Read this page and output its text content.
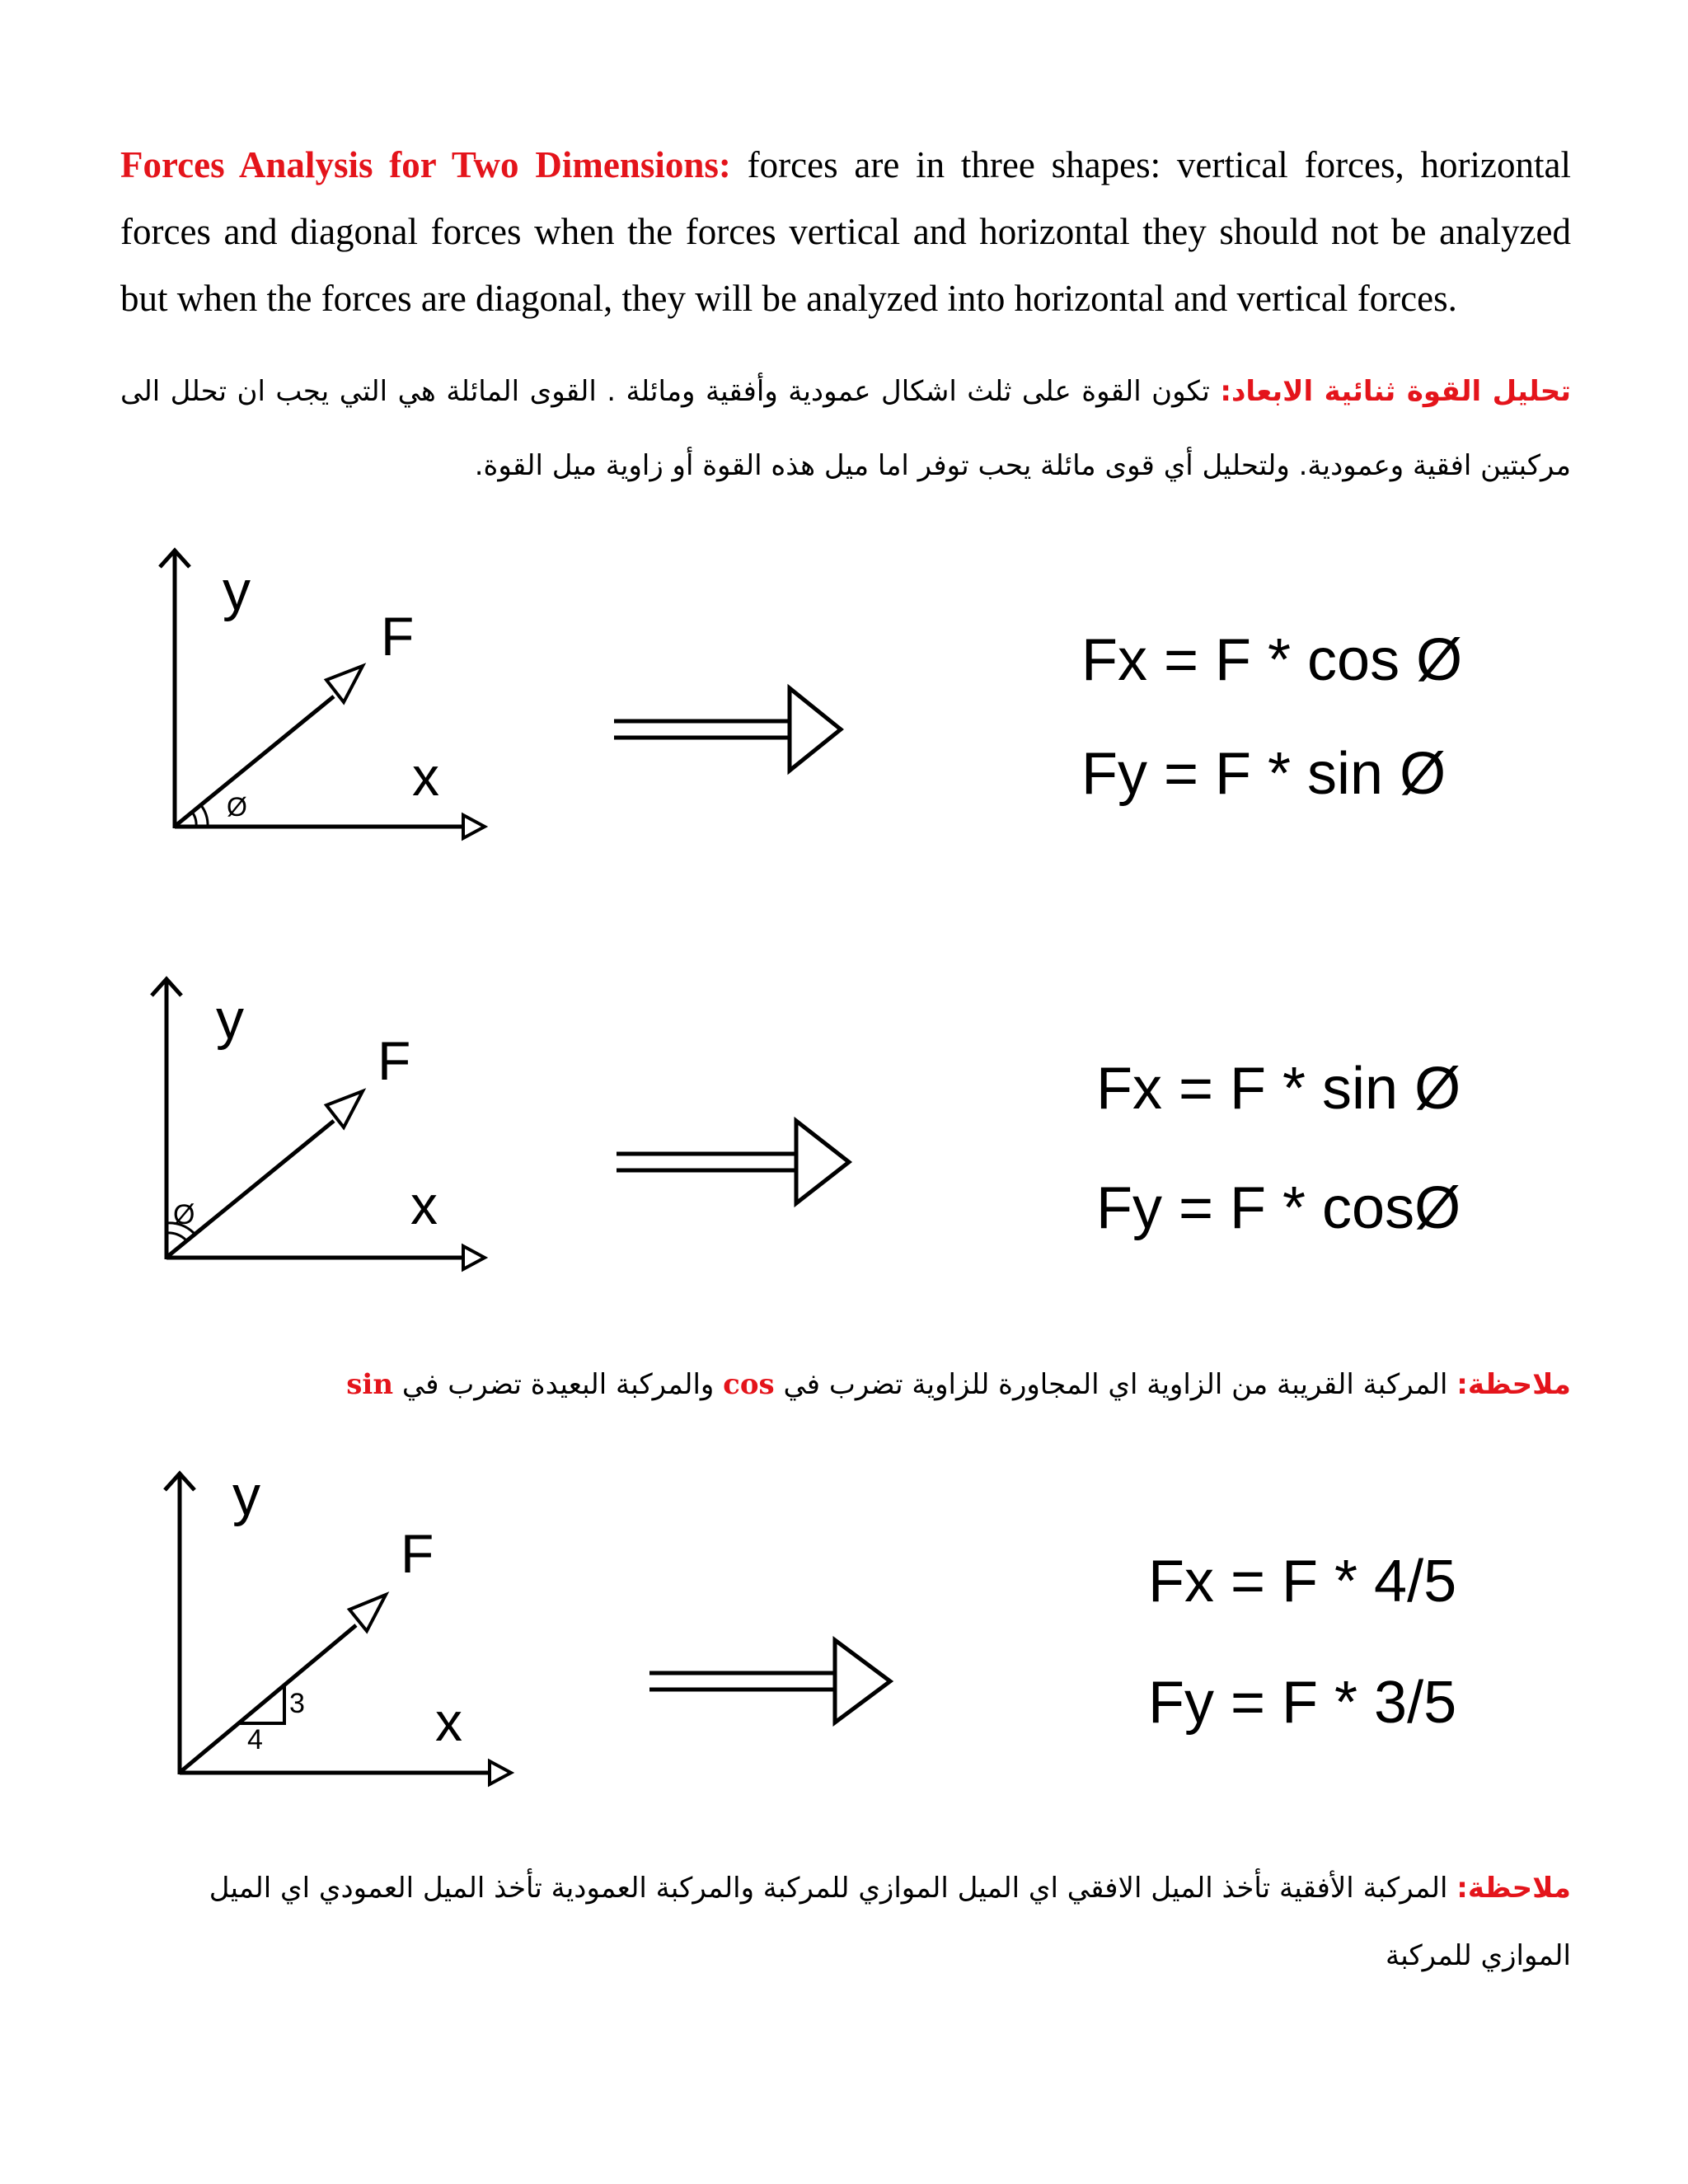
Forces Analysis for Two Dimensions: forces are in three shapes: vertical forces, horizontal forces and diagonal forces when the forces vertical and horizontal they should not be analyzed but when the forces are diagonal, they will be analyzed into horizontal and vertical forces.

تحليل القوة ثنائية الابعاد: تكون القوة على ثلث اشكال عمودية وأفقية ومائلة . القوى المائلة هي التي يجب ان تحلل الى مركبتين افقية وعمودية. ولتحليل أي قوى مائلة يحب توفر اما ميل هذه القوة أو زاوية ميل القوة.

y
F
x
Ø
Fx = F * cos Ø
Fy = F * sin Ø
y
F
x
Ø
Fx = F * sin Ø
Fy = F * cosØ

ملاحظة: المركبة القريبة من الزاوية اي المجاورة للزاوية تضرب في cos والمركبة البعيدة تضرب في sin

y
F
x
4
3
Fx = F * 4/5
Fy = F * 3/5

ملاحظة: المركبة الأفقية تأخذ الميل الافقي اي الميل الموازي للمركبة والمركبة العمودية تأخذ الميل العمودي اي الميل الموازي للمركبة
